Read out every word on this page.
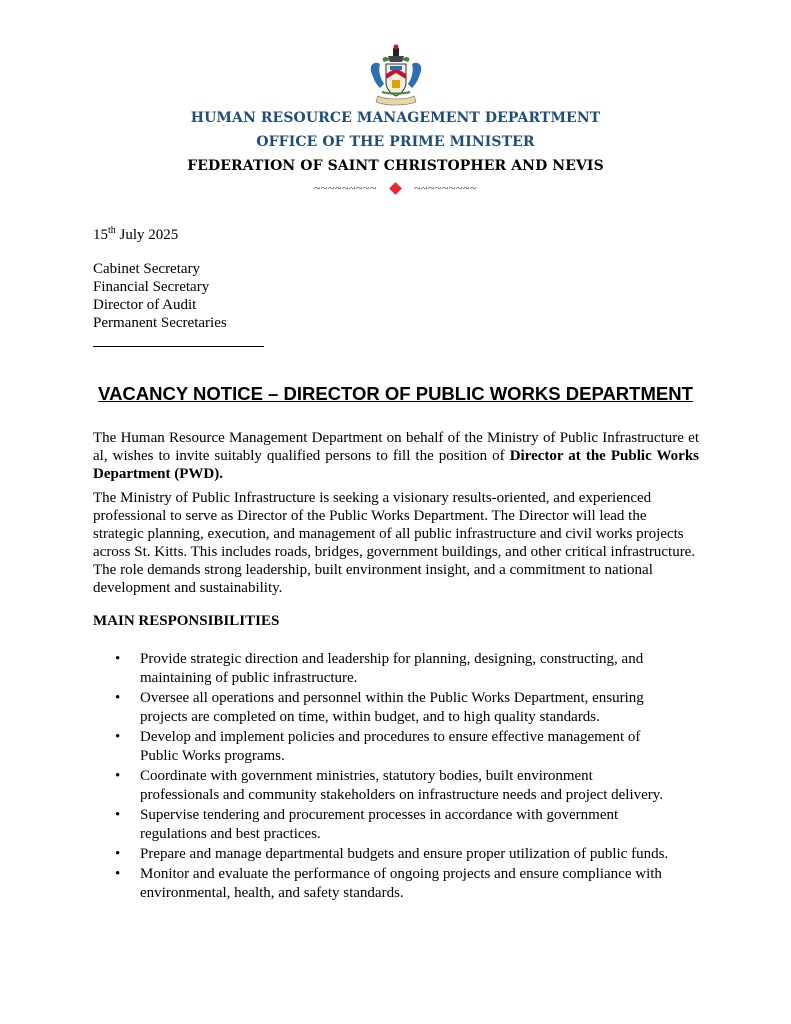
HUMAN RESOURCE MANAGEMENT DEPARTMENT
OFFICE OF THE PRIME MINISTER
FEDERATION OF SAINT CHRISTOPHER AND NEVIS
~~~~~~~~~	~~~~~~~~~
15th July 2025
Cabinet Secretary
Financial Secretary
Director of Audit
Permanent Secretaries
VACANCY NOTICE – DIRECTOR OF PUBLIC WORKS DEPARTMENT
The Human Resource Management Department on behalf of the Ministry of Public Infrastructure et al, wishes to invite suitably qualified persons to fill the position of Director at the Public Works Department (PWD).
The Ministry of Public Infrastructure is seeking a visionary results-oriented, and experienced professional to serve as Director of the Public Works Department. The Director will lead the strategic planning, execution, and management of all public infrastructure and civil works projects across St. Kitts. This includes roads, bridges, government buildings, and other critical infrastructure. The role demands strong leadership, built environment insight, and a commitment to national development and sustainability.
MAIN RESPONSIBILITIES
• Provide strategic direction and leadership for planning, designing, constructing, and maintaining of public infrastructure.
• Oversee all operations and personnel within the Public Works Department, ensuring projects are completed on time, within budget, and to high quality standards.
• Develop and implement policies and procedures to ensure effective management of Public Works programs.
• Coordinate with government ministries, statutory bodies, built environment professionals and community stakeholders on infrastructure needs and project delivery.
• Supervise tendering and procurement processes in accordance with government regulations and best practices.
• Prepare and manage departmental budgets and ensure proper utilization of public funds.
• Monitor and evaluate the performance of ongoing projects and ensure compliance with environmental, health, and safety standards.
